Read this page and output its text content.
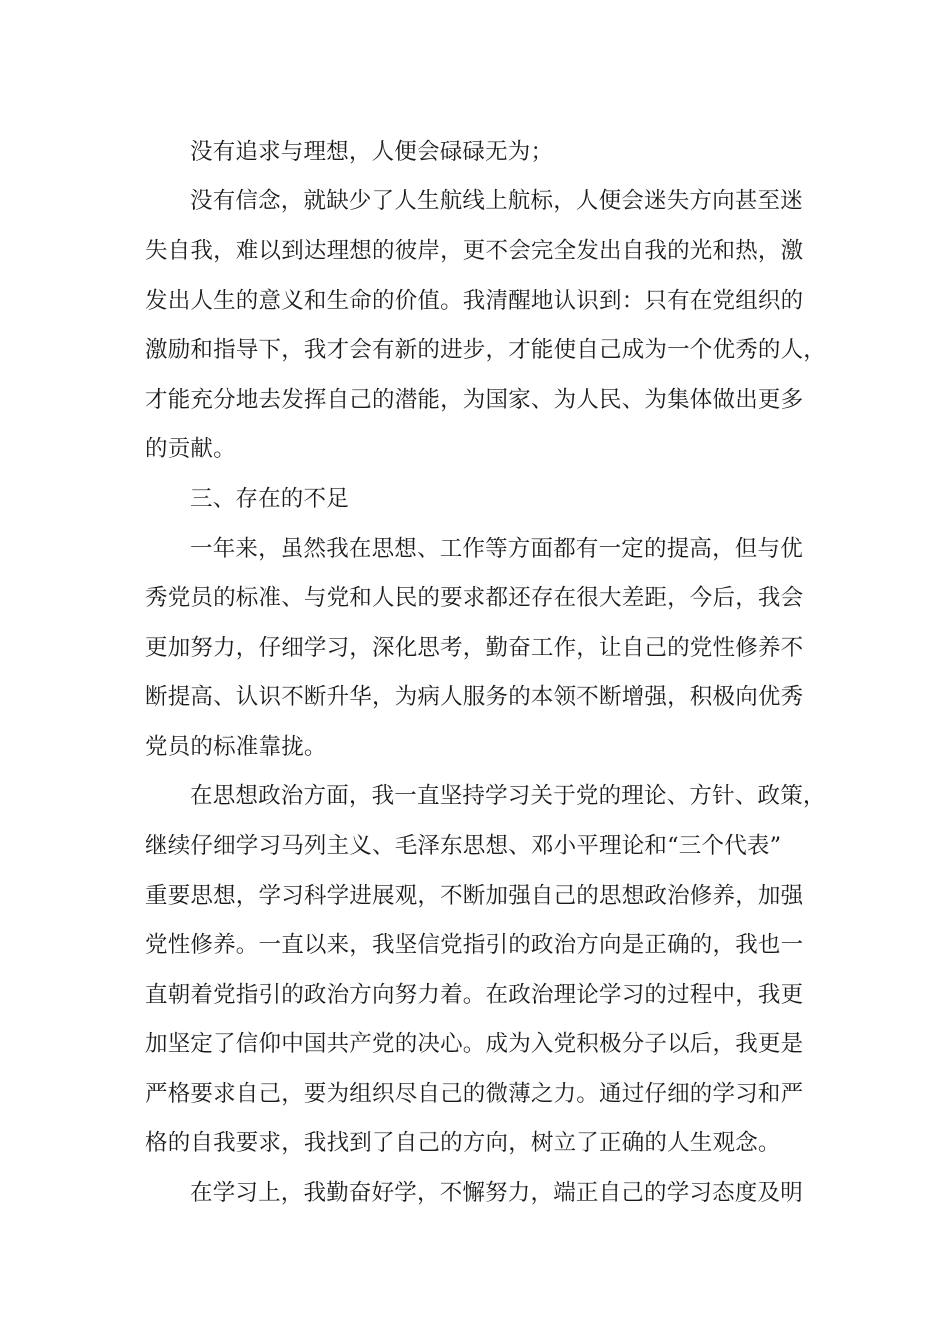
没有追求与理想，人便会碌碌无为；
没有信念，就缺少了人生航线上航标，人便会迷失方向甚至迷
失自我，难以到达理想的彼岸，更不会完全发出自我的光和热，激
发出人生的意义和生命的价值。我清醒地认识到：只有在党组织的
激励和指导下，我才会有新的进步，才能使自己成为一个优秀的人，
才能充分地去发挥自己的潜能，为国家、为人民、为集体做出更多
的贡献。
三、存在的不足
一年来，虽然我在思想、工作等方面都有一定的提高，但与优
秀党员的标准、与党和人民的要求都还存在很大差距，今后，我会
更加努力，仔细学习，深化思考，勤奋工作，让自己的党性修养不
断提高、认识不断升华，为病人服务的本领不断增强，积极向优秀
党员的标准靠拢。
在思想政治方面，我一直坚持学习关于党的理论、方针、政策，
继续仔细学习马列主义、毛泽东思想、邓小平理论和“三个代表”
重要思想，学习科学进展观，不断加强自己的思想政治修养，加强
党性修养。一直以来，我坚信党指引的政治方向是正确的，我也一
直朝着党指引的政治方向努力着。在政治理论学习的过程中，我更
加坚定了信仰中国共产党的决心。成为入党积极分子以后，我更是
严格要求自己，要为组织尽自己的微薄之力。通过仔细的学习和严
格的自我要求，我找到了自己的方向，树立了正确的人生观念。
在学习上，我勤奋好学，不懈努力，端正自己的学习态度及明
